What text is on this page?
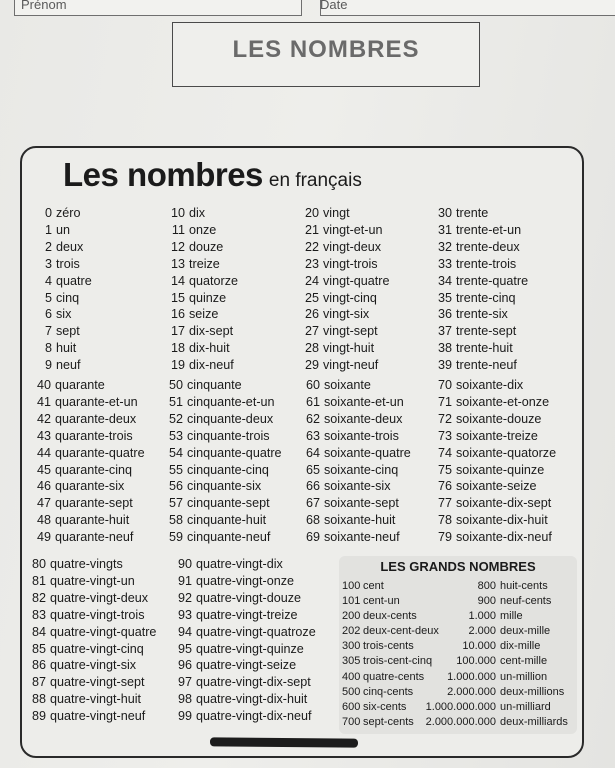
Prénom	Date
LES NOMBRES
Les nombres en français
0 zéro
1 un
2 deux
3 trois
4 quatre
5 cinq
6 six
7 sept
8 huit
9 neuf
10 dix
11 onze
12 douze
13 treize
14 quatorze
15 quinze
16 seize
17 dix-sept
18 dix-huit
19 dix-neuf
20 vingt
21 vingt-et-un
22 vingt-deux
23 vingt-trois
24 vingt-quatre
25 vingt-cinq
26 vingt-six
27 vingt-sept
28 vingt-huit
29 vingt-neuf
30 trente
31 trente-et-un
32 trente-deux
33 trente-trois
34 trente-quatre
35 trente-cinq
36 trente-six
37 trente-sept
38 trente-huit
39 trente-neuf
40 quarante
41 quarante-et-un
42 quarante-deux
43 quarante-trois
44 quarante-quatre
45 quarante-cinq
46 quarante-six
47 quarante-sept
48 quarante-huit
49 quarante-neuf
50 cinquante
51 cinquante-et-un
52 cinquante-deux
53 cinquante-trois
54 cinquante-quatre
55 cinquante-cinq
56 cinquante-six
57 cinquante-sept
58 cinquante-huit
59 cinquante-neuf
60 soixante
61 soixante-et-un
62 soixante-deux
63 soixante-trois
64 soixante-quatre
65 soixante-cinq
66 soixante-six
67 soixante-sept
68 soixante-huit
69 soixante-neuf
70 soixante-dix
71 soixante-et-onze
72 soixante-douze
73 soixante-treize
74 soixante-quatorze
75 soixante-quinze
76 soixante-seize
77 soixante-dix-sept
78 soixante-dix-huit
79 soixante-dix-neuf
80 quatre-vingts
81 quatre-vingt-un
82 quatre-vingt-deux
83 quatre-vingt-trois
84 quatre-vingt-quatre
85 quatre-vingt-cinq
86 quatre-vingt-six
87 quatre-vingt-sept
88 quatre-vingt-huit
89 quatre-vingt-neuf
90 quatre-vingt-dix
91 quatre-vingt-onze
92 quatre-vingt-douze
93 quatre-vingt-treize
94 quatre-vingt-quatroze
95 quatre-vingt-quinze
96 quatre-vingt-seize
97 quatre-vingt-dix-sept
98 quatre-vingt-dix-huit
99 quatre-vingt-dix-neuf
LES GRANDS NOMBRES
100 cent
101 cent-un
200 deux-cents
202 deux-cent-deux
300 trois-cents
305 trois-cent-cinq
400 quatre-cents
500 cinq-cents
600 six-cents
700 sept-cents
800 huit-cents
900 neuf-cents
1.000 mille
2.000 deux-mille
10.000 dix-mille
100.000 cent-mille
1.000.000 un-million
2.000.000 deux-millions
1.000.000.000 un-milliard
2.000.000.000 deux-milliards
